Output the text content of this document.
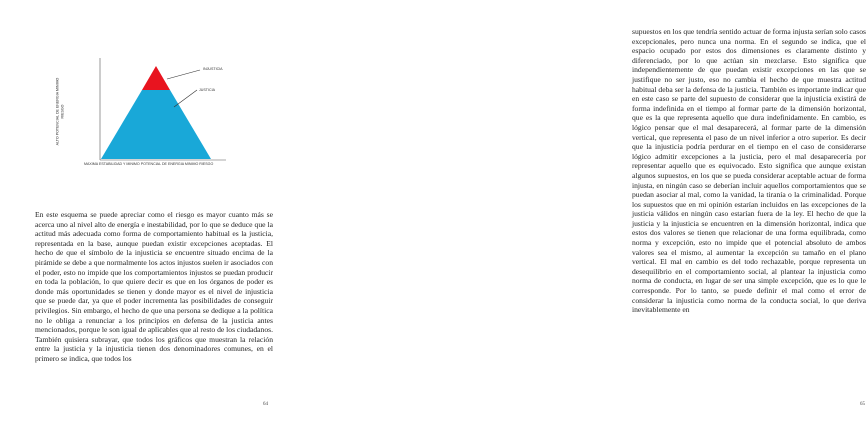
INJUSTICIA
JUSTICIA
MAXIMA ESTABILIDAD Y MINIMO POTENCIAL DE ENERGIA MINIMO RIESGO
ALTO POTENCIAL DE ENERGIA MINIMO RIESGO

En este esquema se puede apreciar como el riesgo es mayor cuanto más se acerca uno al nivel alto de energía e inestabilidad, por lo que se deduce que la actitud más adecuada como forma de comportamiento habitual es la justicia, representada en la base, aunque puedan existir excepciones aceptadas. El hecho de que el símbolo de la injusticia se encuentre situado encima de la pirámide se debe a que normalmente los actos injustos suelen ir asociados con el poder, esto no impide que los comportamientos injustos se puedan producir en toda la población, lo que quiere decir es que en los órganos de poder es donde más oportunidades se tienen y donde mayor es el nivel de injusticia que se puede dar, ya que el poder incrementa las posibilidades de conseguir privilegios. Sin embargo, el hecho de que una persona se dedique a la política no le obliga a renunciar a los principios en defensa de la justicia antes mencionados, porque le son igual de aplicables que al resto de los ciudadanos. También quisiera subrayar, que todos los gráficos que muestran la relación entre la justicia y la injusticia tienen dos denominadores comunes, en el primero se indica, que todos los

64

supuestos en los que tendría sentido actuar de forma injusta serían solo casos excepcionales, pero nunca una norma. En el segundo se indica, que el espacio ocupado por estos dos dimensiones es claramente distinto y diferenciado, por lo que actúan sin mezclarse. Esto significa que independientemente de que puedan existir excepciones en las que se justifique no ser justo, eso no cambia el hecho de que muestra actitud habitual deba ser la defensa de la justicia. También es importante indicar que en este caso se parte del supuesto de considerar que la injusticia existirá de forma indefinida en el tiempo al formar parte de la dimensión horizontal, que es la que representa aquello que dura indefinidamente. En cambio, es lógico pensar que el mal desaparecerá, al formar parte de la dimensión vertical, que representa el paso de un nivel inferior a otro superior. Es decir que la injusticia podría perdurar en el tiempo en el caso de considerarse lógico admitir excepciones a la justicia, pero el mal desaparecería por representar aquello que es equivocado. Esto significa que aunque existan algunos supuestos, en los que se pueda considerar aceptable actuar de forma injusta, en ningún caso se deberían incluir aquellos comportamientos que se puedan asociar al mal, como la vanidad, la tiranía o la criminalidad. Porque los supuestos que en mi opinión estarían incluidos en las excepciones de la justicia válidos en ningún caso estarían fuera de la ley. El hecho de que la justicia y la injusticia se encuentren en la dimensión horizontal, indica que estos dos valores se tienen que relacionar de una forma equilibrada, como norma y excepción, esto no impide que el potencial absoluto de ambos valores sea el mismo, al aumentar la excepción su tamaño en el plano vertical. El mal en cambio es del todo rechazable, porque representa un desequilibrio en el comportamiento social, al plantear la injusticia como norma de conducta, en lugar de ser una simple excepción, que es lo que le corresponde. Por lo tanto, se puede definir el mal como el error de considerar la injusticia como norma de la conducta social, lo que deriva inevitablemente en

65
